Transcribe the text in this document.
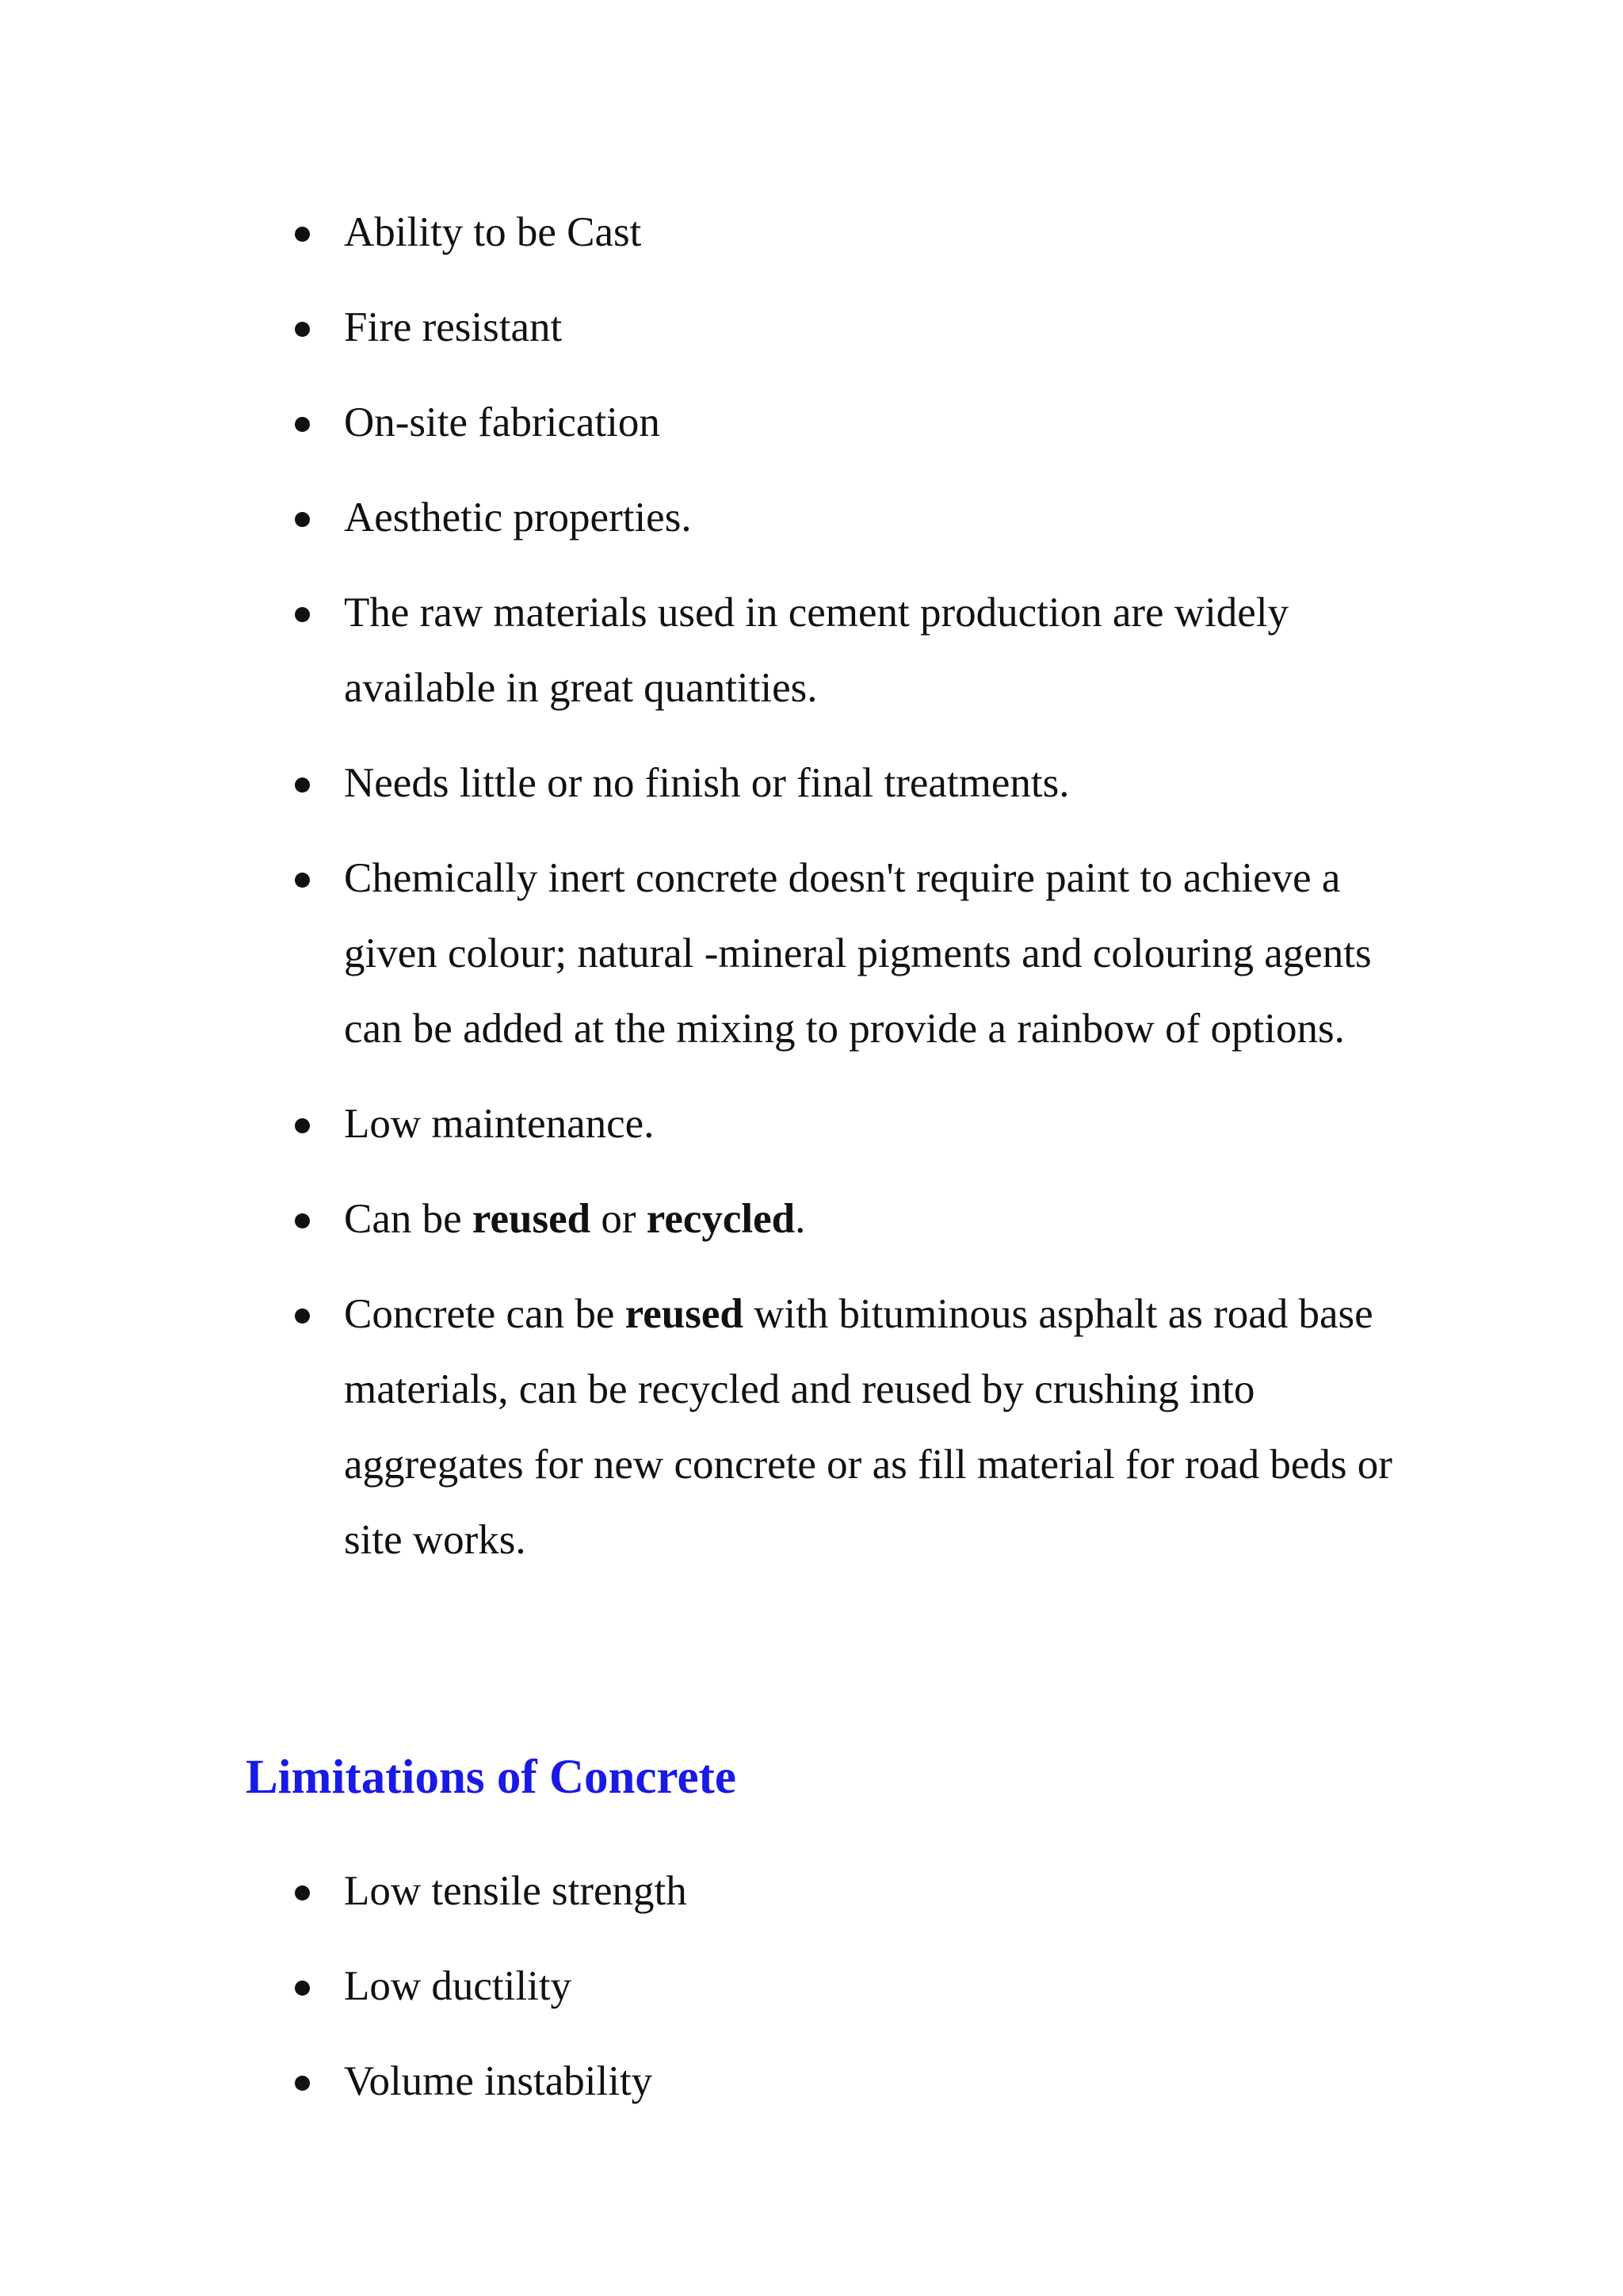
Ability to be Cast
Fire resistant
On-site fabrication
Aesthetic properties.
The raw materials used in cement production are widely available in great quantities.
Needs little or no finish or final treatments.
Chemically inert concrete doesn't require paint to achieve a given colour; natural -mineral pigments and colouring agents can be added at the mixing to provide a rainbow of options.
Low maintenance.
Can be reused or recycled.
Concrete can be reused with bituminous asphalt as road base materials, can be recycled and reused by crushing into aggregates for new concrete or as fill material for road beds or site works.
Limitations of Concrete
Low tensile strength
Low ductility
Volume instability
